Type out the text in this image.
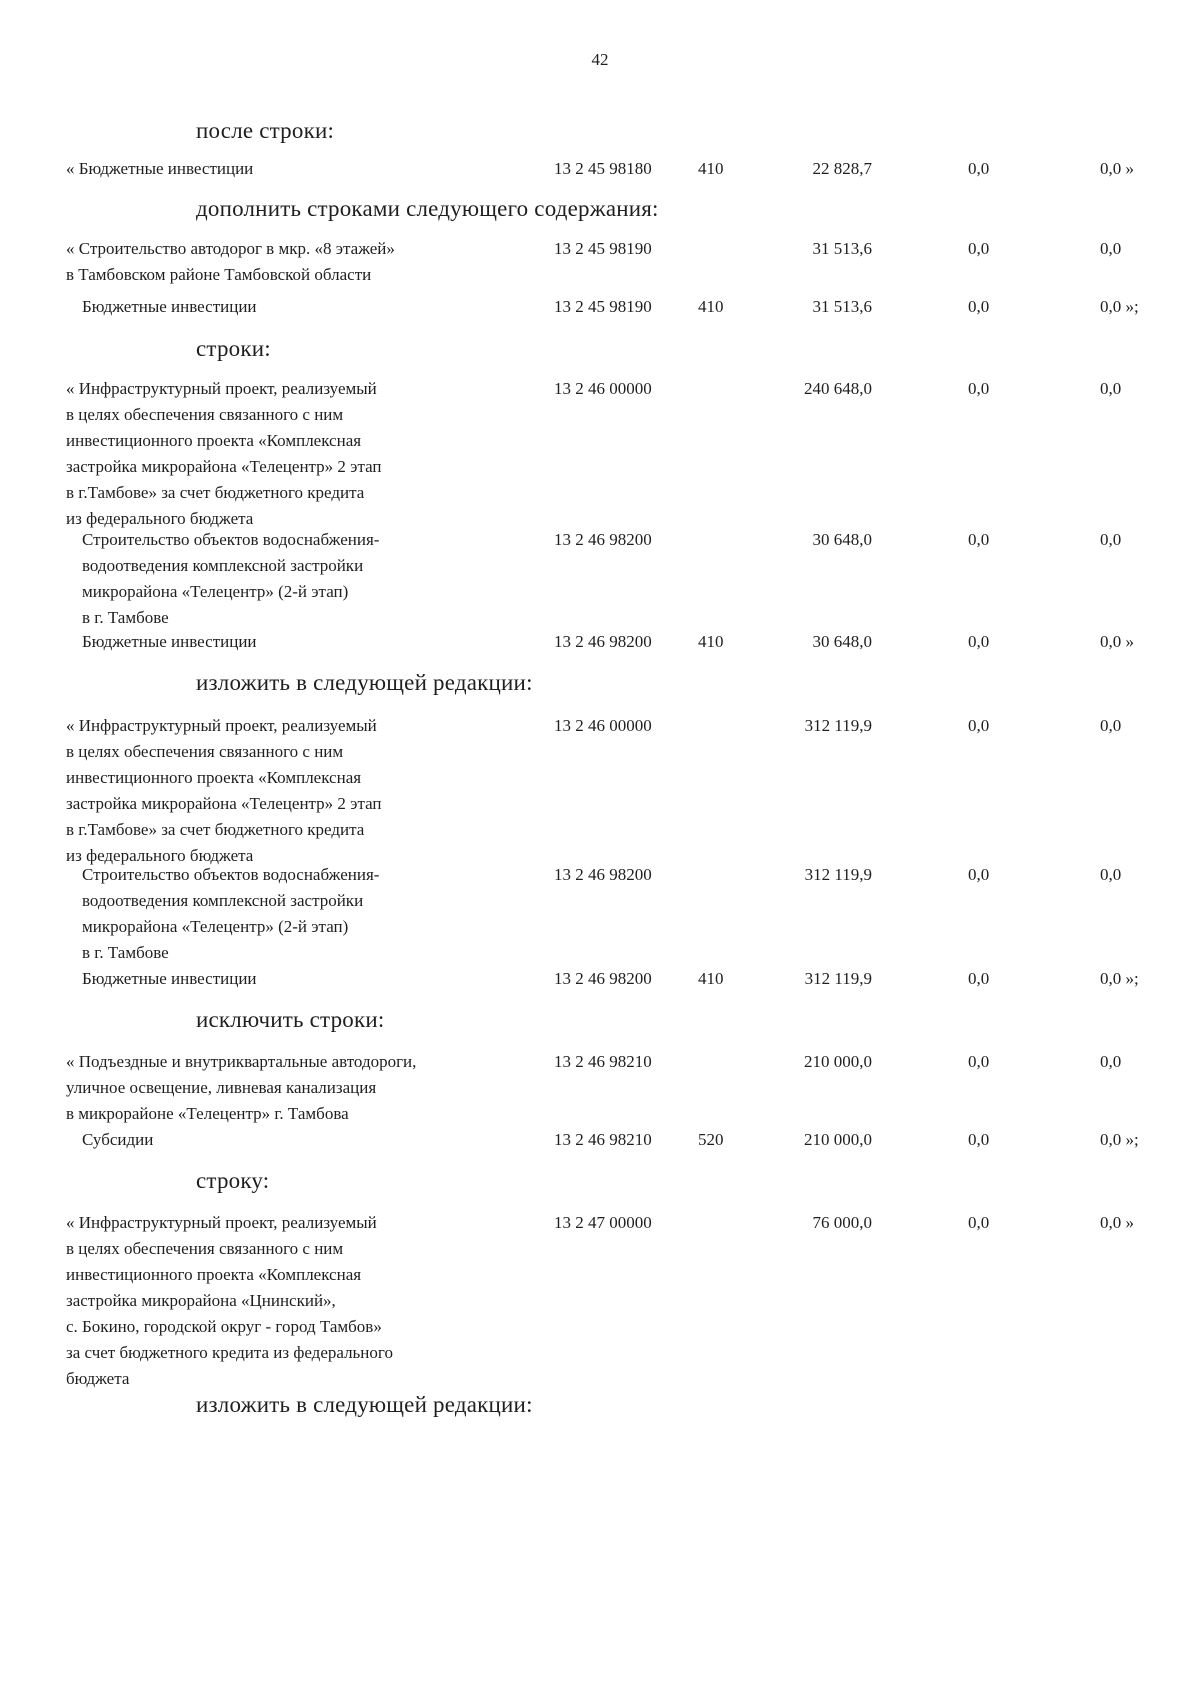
42
после строки:
« Бюджетные инвестиции	13 2 45 98180	410	22 828,7	0,0	0,0 »
дополнить строками следующего содержания:
« Строительство автодорог в мкр. «8 этажей»
в Тамбовском районе Тамбовской области
13 2 45 98190	31 513,6	0,0	0,0
Бюджетные инвестиции	13 2 45 98190	410	31 513,6	0,0	0,0 »;
строки:
« Инфраструктурный проект, реализуемый
в целях обеспечения связанного с ним
инвестиционного проекта «Комплексная
застройка микрорайона «Телецентр» 2 этап
в г.Тамбове» за счет бюджетного кредита
из федерального бюджета
13 2 46 00000	240 648,0	0,0	0,0
Строительство объектов водоснабжения-
водоотведения комплексной застройки
микрорайона «Телецентр» (2-й этап)
в г. Тамбове
13 2 46 98200	30 648,0	0,0	0,0
Бюджетные инвестиции	13 2 46 98200	410	30 648,0	0,0	0,0 »
изложить в следующей редакции:
« Инфраструктурный проект, реализуемый
в целях обеспечения связанного с ним
инвестиционного проекта «Комплексная
застройка микрорайона «Телецентр» 2 этап
в г.Тамбове» за счет бюджетного кредита
из федерального бюджета
13 2 46 00000	312 119,9	0,0	0,0
Строительство объектов водоснабжения-
водоотведения комплексной застройки
микрорайона «Телецентр» (2-й этап)
в г. Тамбове
13 2 46 98200	312 119,9	0,0	0,0
Бюджетные инвестиции	13 2 46 98200	410	312 119,9	0,0	0,0 »;
исключить строки:
« Подъездные и внутриквартальные автодороги,
уличное освещение, ливневая канализация
в микрорайоне «Телецентр» г. Тамбова
13 2 46 98210	210 000,0	0,0	0,0
Субсидии	13 2 46 98210	520	210 000,0	0,0	0,0 »;
строку:
« Инфраструктурный проект, реализуемый
в целях обеспечения связанного с ним
инвестиционного проекта «Комплексная
застройка микрорайона «Цнинский»,
с. Бокино, городской округ - город Тамбов»
за счет бюджетного кредита из федерального
бюджета
13 2 47 00000	76 000,0	0,0	0,0 »
изложить в следующей редакции:
